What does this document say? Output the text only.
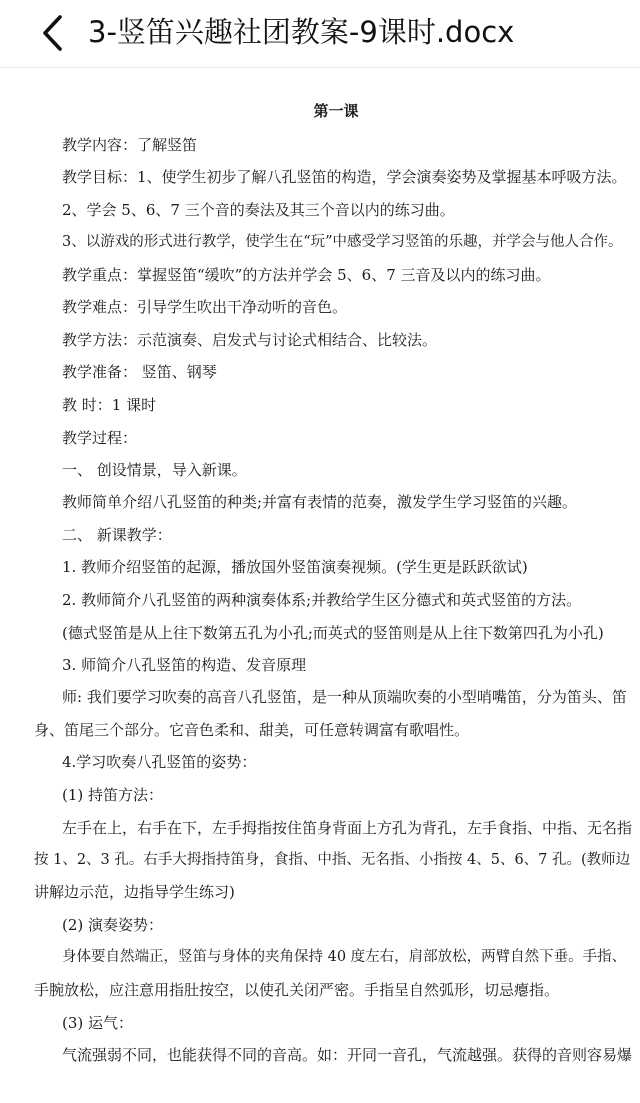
3-竖笛兴趣社团教案-9课时.docx
第一课
教学内容：了解竖笛
教学目标：1、使学生初步了解八孔竖笛的构造，学会演奏姿势及掌握基本呼吸方法。
2、学会 5、6、7 三个音的奏法及其三个音以内的练习曲。
3、以游戏的形式进行教学，使学生在“玩”中感受学习竖笛的乐趣，并学会与他人合作。
教学重点：掌握竖笛“缓吹”的方法并学会 5、6、7 三音及以内的练习曲。
教学难点：引导学生吹出干净动听的音色。
教学方法：示范演奏、启发式与讨论式相结合、比较法。
教学准备： 竖笛、钢琴
教 时：1 课时
教学过程：
一、 创设情景，导入新课。
教师简单介绍八孔竖笛的种类;并富有表情的范奏，激发学生学习竖笛的兴趣。
二、 新课教学：
1. 教师介绍竖笛的起源，播放国外竖笛演奏视频。(学生更是跃跃欲试)
2. 教师简介八孔竖笛的两种演奏体系;并教给学生区分德式和英式竖笛的方法。
(德式竖笛是从上往下数第五孔为小孔;而英式的竖笛则是从上往下数第四孔为小孔)
3. 师简介八孔竖笛的构造、发音原理
师: 我们要学习吹奏的高音八孔竖笛，是一种从顶端吹奏的小型哨嘴笛，分为笛头、笛
身、笛尾三个部分。它音色柔和、甜美，可任意转调富有歌唱性。
4.学习吹奏八孔竖笛的姿势：
(1) 持笛方法：
左手在上，右手在下，左手拇指按住笛身背面上方孔为背孔，左手食指、中指、无名指
按 1、2、3 孔。右手大拇指持笛身，食指、中指、无名指、小指按 4、5、6、7 孔。(教师边
讲解边示范，边指导学生练习)
(2) 演奏姿势：
身体要自然端正，竖笛与身体的夹角保持 40 度左右，肩部放松，两臂自然下垂。手指、
手腕放松，应注意用指肚按空，以使孔关闭严密。手指呈自然弧形，切忌瘪指。
(3) 运气：
气流强弱不同，也能获得不同的音高。如：开同一音孔，气流越强。获得的音则容易爆
